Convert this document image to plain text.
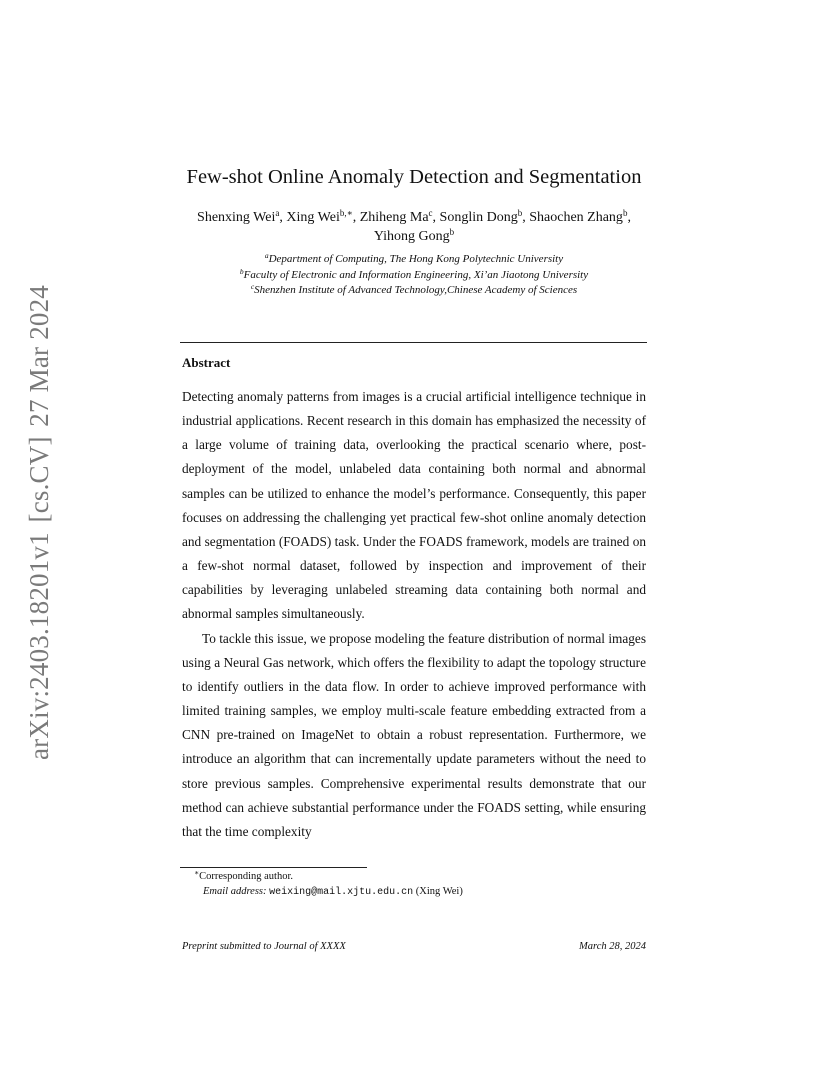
arXiv:2403.18201v1
[cs.CV]
27 Mar 2024
Few-shot Online Anomaly Detection and Segmentation
Shenxing Wei$^a$, Xing Wei$^{b,∗}$, Zhiheng Ma$^c$, Songlin Dong$^b$, Shaochen Zhang$^b$,
Yihong Gong$^b$
$^a$Department of Computing, The Hong Kong Polytechnic University
$^b$Faculty of Electronic and Information Engineering, Xi’an Jiaotong University
$^c$Shenzhen Institute of Advanced Technology,Chinese Academy of Sciences
Abstract

Detecting anomaly patterns from images is a crucial artificial intelligence technique in industrial applications. Recent research in this domain has emphasized the necessity of a large volume of training data, overlooking the practical scenario where, post-deployment of the model, unlabeled data containing both normal and abnormal samples can be utilized to enhance the model’s performance. Consequently, this paper focuses on addressing the challenging yet practical few-shot online anomaly detection and segmentation (FOADS) task. Under the FOADS framework, models are trained on a few-shot normal dataset, followed by inspection and improvement of their capabilities by leveraging unlabeled streaming data containing both normal and abnormal samples simultaneously.

To tackle this issue, we propose modeling the feature distribution of normal images using a Neural Gas network, which offers the flexibility to adapt the topology structure to identify outliers in the data flow. In order to achieve improved performance with limited training samples, we employ multi-scale feature embedding extracted from a CNN pre-trained on ImageNet to obtain a robust representation. Furthermore, we introduce an algorithm that can incrementally update parameters without the need to store previous samples. Comprehensive experimental results demonstrate that our method can achieve substantial performance under the FOADS setting, while ensuring that the time complexity

∗Corresponding author.
Email address: weixing@mail.xjtu.edu.cn (Xing Wei)
Preprint submitted to Journal of XXXX	March 28, 2024
